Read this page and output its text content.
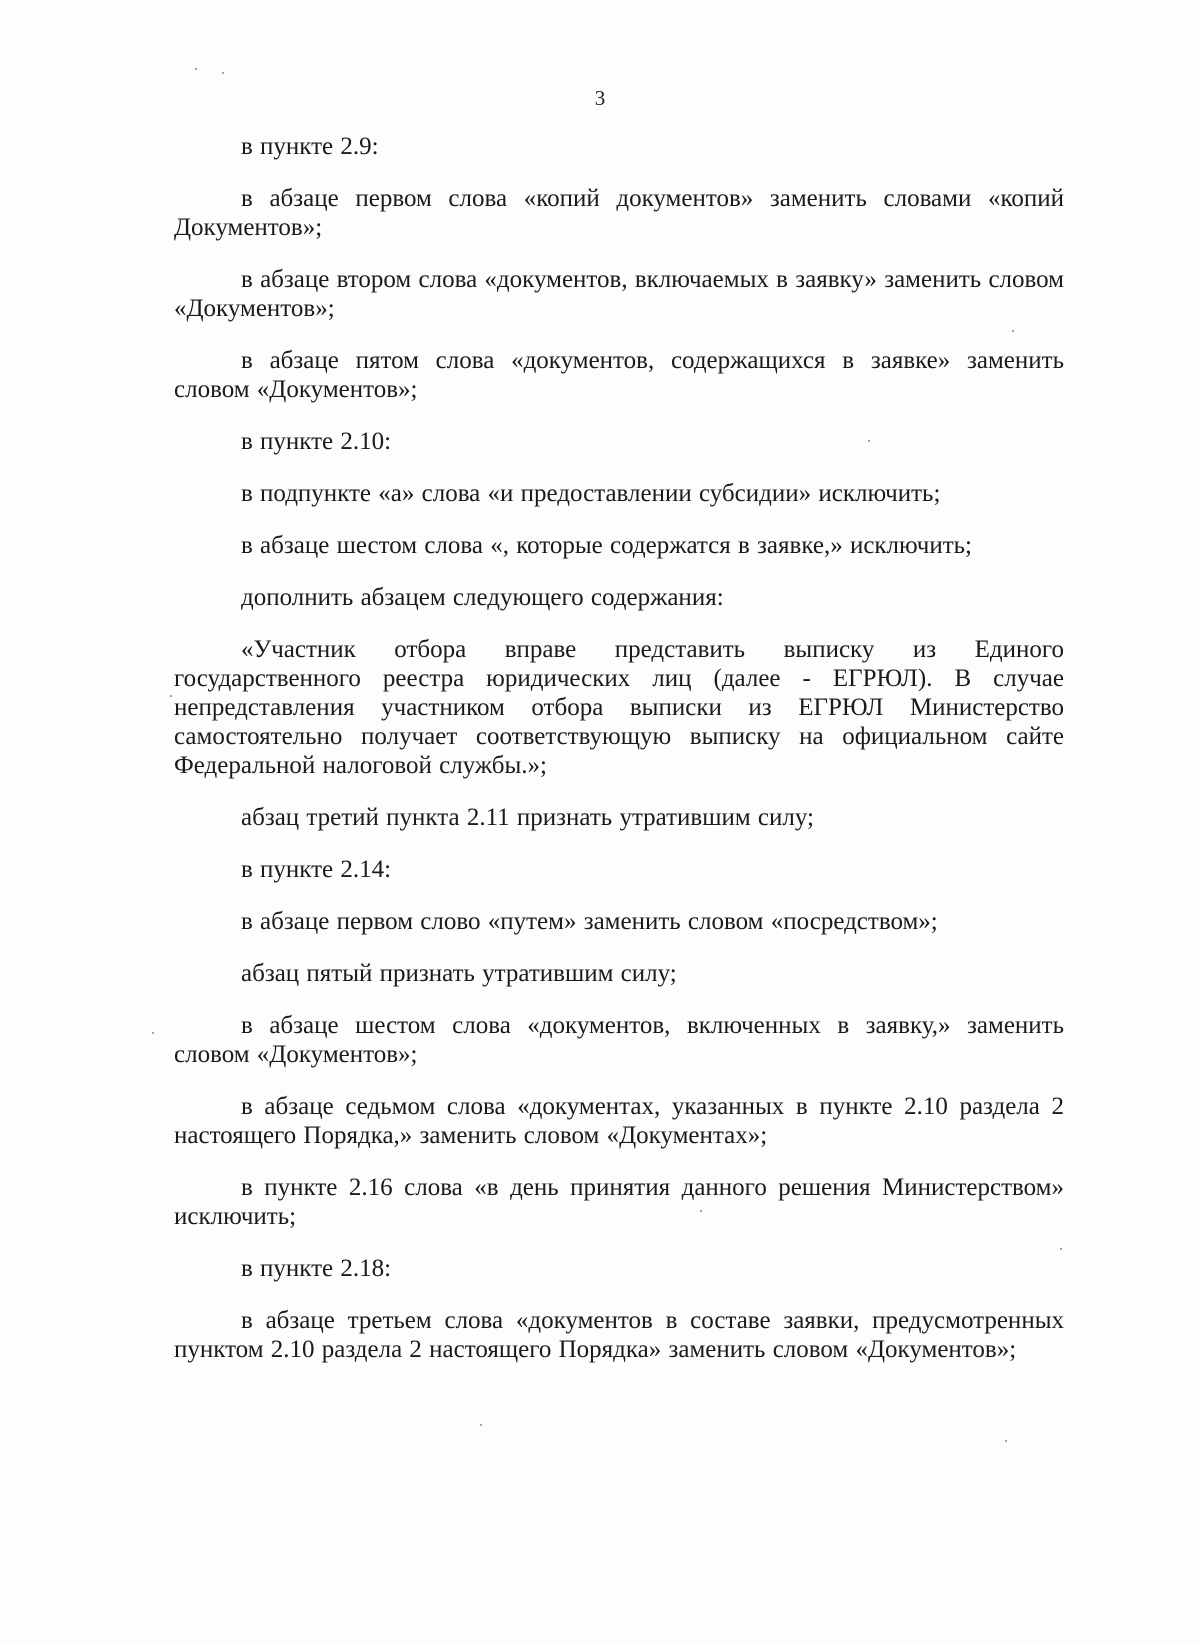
3

в пункте 2.9:

в абзаце первом слова «копий документов» заменить словами «копий Документов»;

в абзаце втором слова «документов, включаемых в заявку» заменить словом «Документов»;

в абзаце пятом слова «документов, содержащихся в заявке» заменить словом «Документов»;

в пункте 2.10:

в подпункте «а» слова «и предоставлении субсидии» исключить;

в абзаце шестом слова «, которые содержатся в заявке,» исключить;

дополнить абзацем следующего содержания:

«Участник отбора вправе представить выписку из Единого государственного реестра юридических лиц (далее - ЕГРЮЛ). В случае непредставления участником отбора выписки из ЕГРЮЛ Министерство самостоятельно получает соответствующую выписку на официальном сайте Федеральной налоговой службы.»;

абзац третий пункта 2.11 признать утратившим силу;

в пункте 2.14:

в абзаце первом слово «путем» заменить словом «посредством»;

абзац пятый признать утратившим силу;

в абзаце шестом слова «документов, включенных в заявку,» заменить словом «Документов»;

в абзаце седьмом слова «документах, указанных в пункте 2.10 раздела 2 настоящего Порядка,» заменить словом «Документах»;

в пункте 2.16 слова «в день принятия данного решения Министерством» исключить;

в пункте 2.18:

в абзаце третьем слова «документов в составе заявки, предусмотренных пунктом 2.10 раздела 2 настоящего Порядка» заменить словом «Документов»;
